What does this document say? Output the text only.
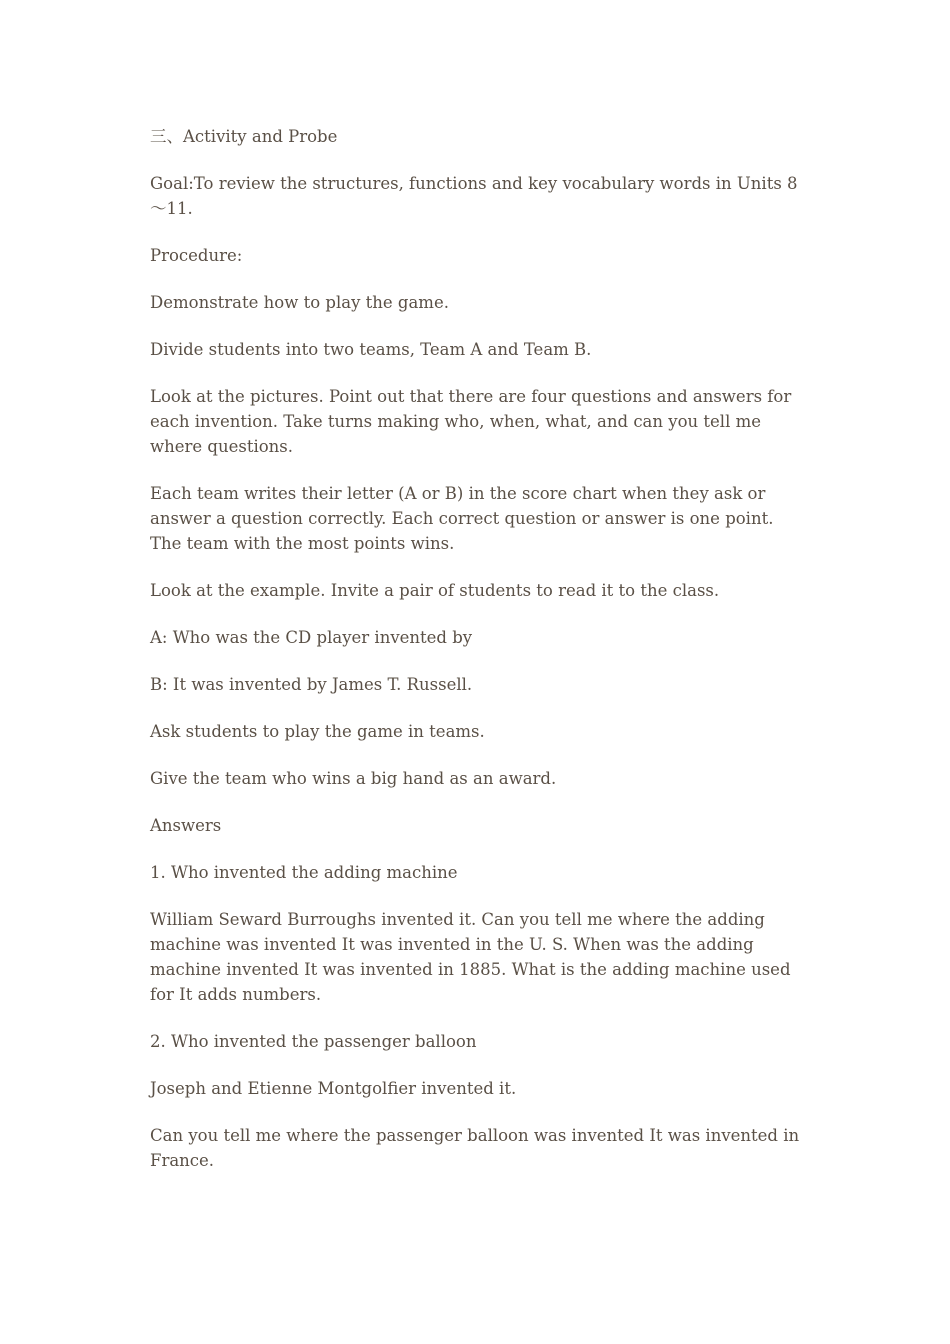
三、Activity and Probe

Goal:To review the structures, functions and key vocabulary words in Units 8～11.

Procedure:

Demonstrate how to play the game.

Divide students into two teams, Team A and Team B.

Look at the pictures. Point out that there are four questions and answers for each invention. Take turns making who, when, what, and can you tell me where questions.

Each team writes their letter (A or B) in the score chart when they ask or answer a question correctly. Each correct question or answer is one point. The team with the most points wins.

Look at the example. Invite a pair of students to read it to the class.

A: Who was the CD player invented by

B: It was invented by James T. Russell.

Ask students to play the game in teams.

Give the team who wins a big hand as an award.

Answers

1. Who invented the adding machine

William Seward Burroughs invented it. Can you tell me where the adding machine was invented It was invented in the U. S. When was the adding machine invented It was invented in 1885. What is the adding machine used for It adds numbers.

2. Who invented the passenger balloon

Joseph and Etienne Montgolfier invented it.

Can you tell me where the passenger balloon was invented It was invented in France.
